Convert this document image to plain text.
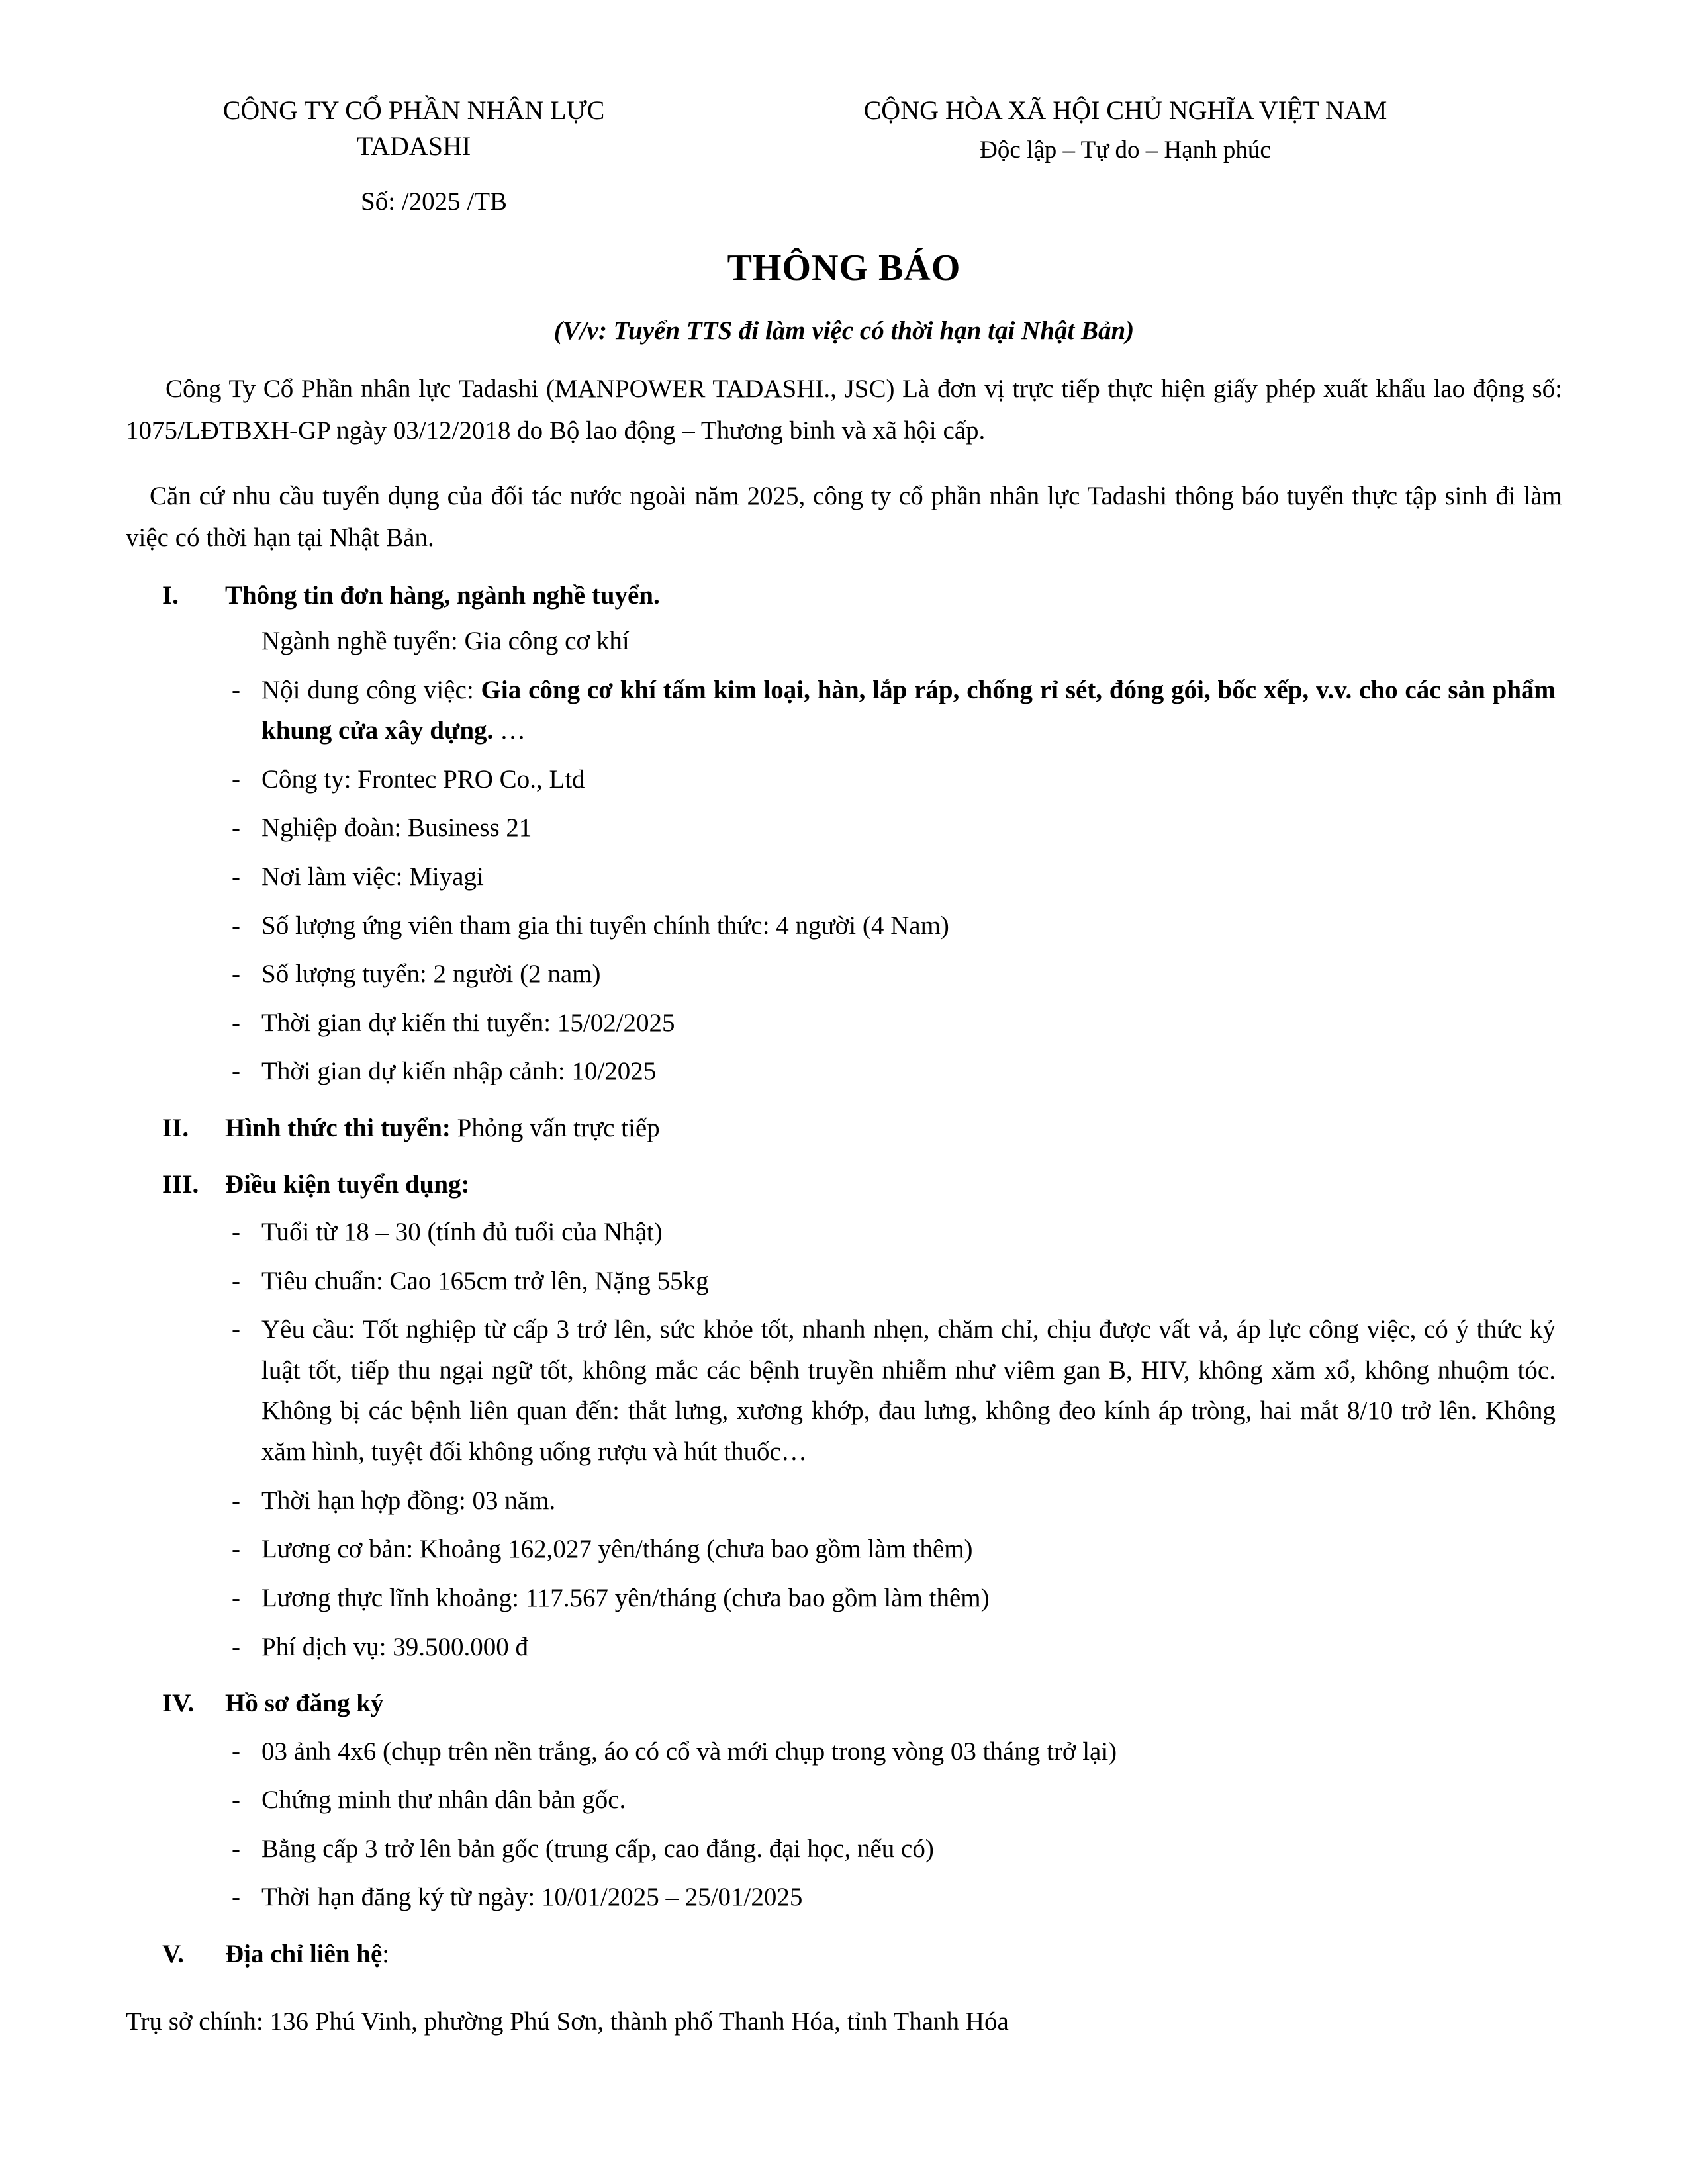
CÔNG TY CỔ PHẦN NHÂN LỰC
TADASHI
CỘNG HÒA XÃ HỘI CHỦ NGHĨA VIỆT NAM
Độc lập – Tự do – Hạnh phúc
Số: /2025 /TB
THÔNG BÁO
(V/v: Tuyển TTS đi làm việc có thời hạn tại Nhật Bản)

Công Ty Cổ Phần nhân lực Tadashi (MANPOWER TADASHI., JSC) Là đơn vị trực tiếp thực hiện giấy phép xuất khẩu lao động số: 1075/LĐTBXH-GP ngày 03/12/2018 do Bộ lao động – Thương binh và xã hội cấp.

Căn cứ nhu cầu tuyển dụng của đối tác nước ngoài năm 2025, công ty cổ phần nhân lực Tadashi thông báo tuyển thực tập sinh đi làm việc có thời hạn tại Nhật Bản.

I.	Thông tin đơn hàng, ngành nghề tuyển.
Ngành nghề tuyển: Gia công cơ khí
- Nội dung công việc: Gia công cơ khí tấm kim loại, hàn, lắp ráp, chống rỉ sét, đóng gói, bốc xếp, v.v. cho các sản phẩm khung cửa xây dựng. …
- Công ty: Frontec PRO Co., Ltd
- Nghiệp đoàn: Business 21
- Nơi làm việc: Miyagi
- Số lượng ứng viên tham gia thi tuyển chính thức: 4 người (4 Nam)
- Số lượng tuyển: 2 người (2 nam)
- Thời gian dự kiến thi tuyển: 15/02/2025
- Thời gian dự kiến nhập cảnh: 10/2025
II.	Hình thức thi tuyển: Phỏng vấn trực tiếp
III.	Điều kiện tuyển dụng:
- Tuổi từ 18 – 30 (tính đủ tuổi của Nhật)
- Tiêu chuẩn: Cao 165cm trở lên, Nặng 55kg
- Yêu cầu: Tốt nghiệp từ cấp 3 trở lên, sức khỏe tốt, nhanh nhẹn, chăm chỉ, chịu được vất vả, áp lực công việc, có ý thức kỷ luật tốt, tiếp thu ngại ngữ tốt, không mắc các bệnh truyền nhiễm như viêm gan B, HIV, không xăm xổ, không nhuộm tóc. Không bị các bệnh liên quan đến: thắt lưng, xương khớp, đau lưng, không đeo kính áp tròng, hai mắt 8/10 trở lên. Không xăm hình, tuyệt đối không uống rượu và hút thuốc…
- Thời hạn hợp đồng: 03 năm.
- Lương cơ bản: Khoảng 162,027 yên/tháng (chưa bao gồm làm thêm)
- Lương thực lĩnh khoảng: 117.567 yên/tháng (chưa bao gồm làm thêm)
- Phí dịch vụ: 39.500.000 đ
IV.	Hồ sơ đăng ký
- 03 ảnh 4x6 (chụp trên nền trắng, áo có cổ và mới chụp trong vòng 03 tháng trở lại)
- Chứng minh thư nhân dân bản gốc.
- Bằng cấp 3 trở lên bản gốc (trung cấp, cao đẳng. đại học, nếu có)
- Thời hạn đăng ký từ ngày: 10/01/2025 – 25/01/2025
V.	Địa chỉ liên hệ:
Trụ sở chính: 136 Phú Vinh, phường Phú Sơn, thành phố Thanh Hóa, tỉnh Thanh Hóa
